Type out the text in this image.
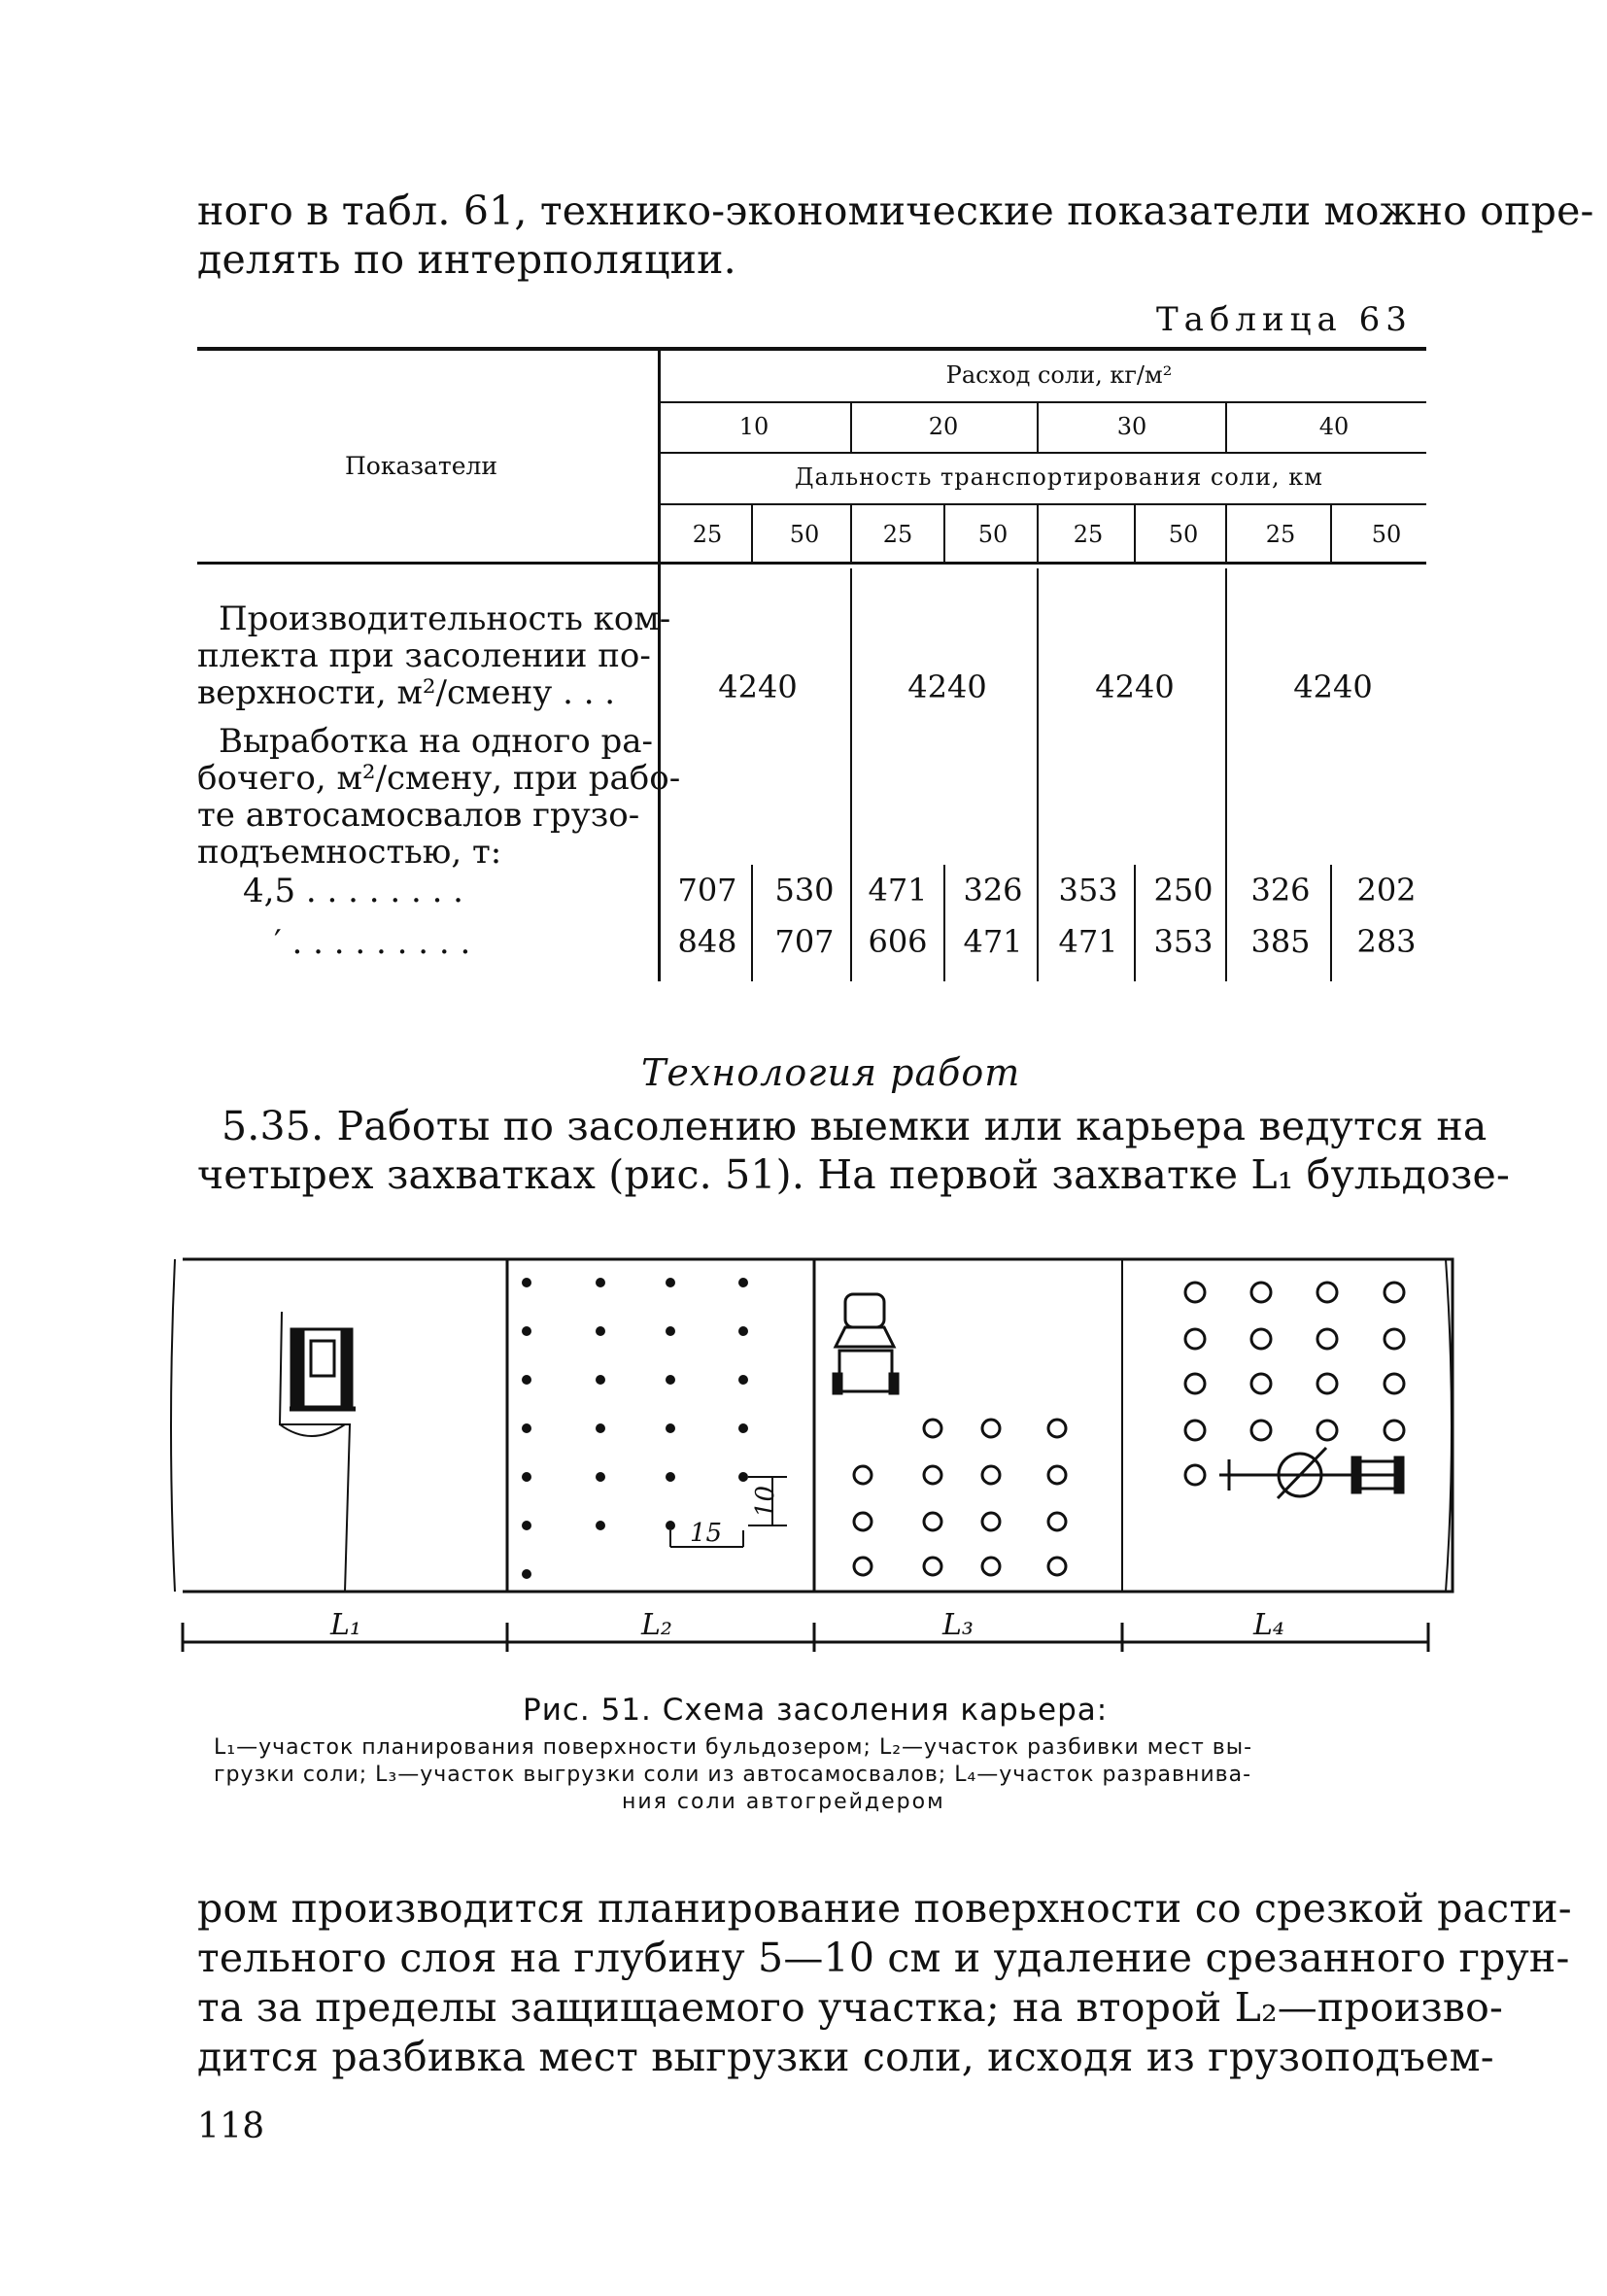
ного в табл. 61, технико-экономические показатели можно опре-
делять по интерполяции.
Таблица 63
Показатели
Расход соли, кг/м²
10	20	30	40
Дальность транспортирования соли, км
25	50	25	50	25	50	25	50
Производительность ком-
плекта при засолении по-
верхности, м²/смену . . .	4240	4240	4240	4240
Выработка на одного ра-
бочего, м²/смену, при рабо-
те автосамосвалов грузо-
подъемностью, т:
4,5 . . . . . . . .	707 530 471 326 353 250 326 202
′ . . . . . . . . .	848 707 606 471 471 353 385 283
Технология работ
5.35. Работы по засолению выемки или карьера ведутся на
четырех захватках (рис. 51). На первой захватке L₁ бульдозе-
15
10
L₁	L₂	L₃	L₄
Рис. 51. Схема засоления карьера:
L₁—участок планирования поверхности бульдозером; L₂—участок разбивки мест вы-
грузки соли; L₃—участок выгрузки соли из автосамосвалов; L₄—участок разравнива-
ния соли автогрейдером
ром производится планирование поверхности со срезкой расти-
тельного слоя на глубину 5—10 см и удаление срезанного грун-
та за пределы защищаемого участка; на второй L₂—произво-
дится разбивка мест выгрузки соли, исходя из грузоподъем-
118
